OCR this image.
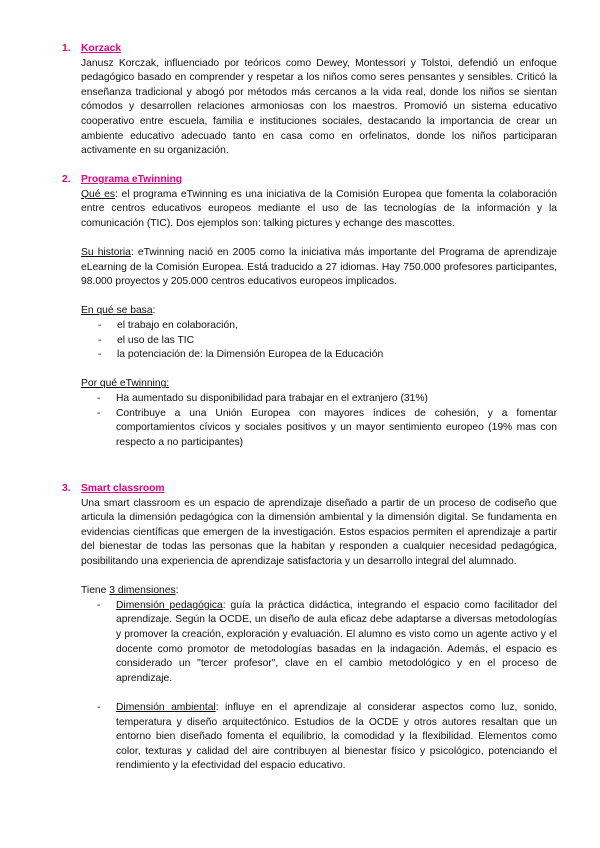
1. Korzack

Janusz Korczak, influenciado por teóricos como Dewey, Montessori y Tolstoi, defendió un enfoque pedagógico basado en comprender y respetar a los niños como seres pensantes y sensibles. Criticó la enseñanza tradicional y abogó por métodos más cercanos a la vida real, donde los niños se sientan cómodos y desarrollen relaciones armoniosas con los maestros. Promovió un sistema educativo cooperativo entre escuela, familia e instituciones sociales, destacando la importancia de crear un ambiente educativo adecuado tanto en casa como en orfelinatos, donde los niños participaran activamente en su organización.

2. Programa eTwinning

Qué es: el programa eTwinning es una iniciativa de la Comisión Europea que fomenta la colaboración entre centros educativos europeos mediante el uso de las tecnologías de la información y la comunicación (TIC). Dos ejemplos son: talking pictures y echange des mascottes.

Su historia: eTwinning nació en 2005 como la iniciativa más importante del Programa de aprendizaje eLearning de la Comisión Europea. Está traducido a 27 idiomas. Hay 750.000 profesores participantes, 98.000 proyectos y 205.000 centros educativos europeos implicados.

En qué se basa:

- el trabajo en colaboración,
- el uso de las TIC
- la potenciación de: la Dimensión Europea de la Educación

Por qué eTwinning:

- Ha aumentado su disponibilidad para trabajar en el extranjero (31%)
- Contribuye a una Unión Europea con mayores índices de cohesión, y a fomentar comportamientos cívicos y sociales positivos y un mayor sentimiento europeo (19% mas con respecto a no participantes)
3. Smart classroom

Una smart classroom es un espacio de aprendizaje diseñado a partir de un proceso de codiseño que articula la dimensión pedagógica con la dimensión ambiental y la dimensión digital. Se fundamenta en evidencias científicas que emergen de la investigación. Estos espacios permiten el aprendizaje a partir del bienestar de todas las personas que la habitan y responden a cualquier necesidad pedagógica, posibilitando una experiencia de aprendizaje satisfactoria y un desarrollo integral del alumnado.

Tiene 3 dimensiones:

- Dimensión pedagógica: guía la práctica didáctica, integrando el espacio como facilitador del aprendizaje. Según la OCDE, un diseño de aula eficaz debe adaptarse a diversas metodologías y promover la creación, exploración y evaluación. El alumno es visto como un agente activo y el docente como promotor de metodologías basadas en la indagación. Además, el espacio es considerado un "tercer profesor", clave en el cambio metodológico y en el proceso de aprendizaje.
- Dimensión ambiental: influye en el aprendizaje al considerar aspectos como luz, sonido, temperatura y diseño arquitectónico. Estudios de la OCDE y otros autores resaltan que un entorno bien diseñado fomenta el equilibrio, la comodidad y la flexibilidad. Elementos como color, texturas y calidad del aire contribuyen al bienestar físico y psicológico, potenciando el rendimiento y la efectividad del espacio educativo.
